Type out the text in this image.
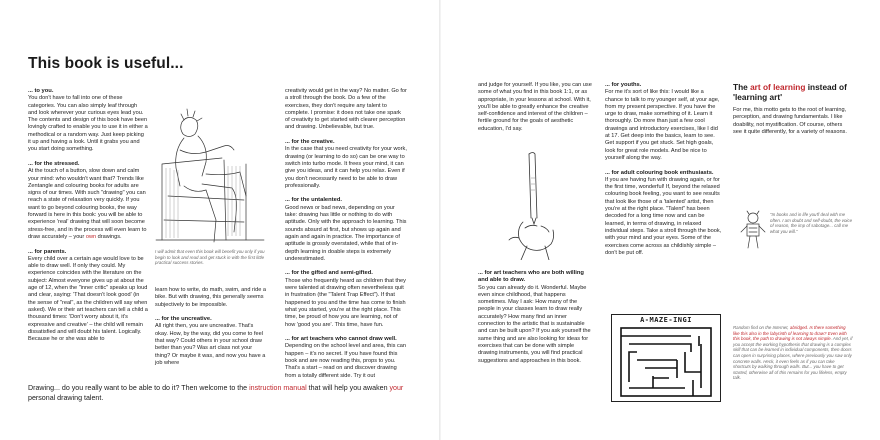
This book is useful...
... to you.

You don't have to fall into one of these categories. You can also simply leaf through and look wherever your curious eyes lead you. The contents and design of this book have been lovingly crafted to enable you to use it in either a methodical or a random way. Just keep picking it up and having a look. Until it grabs you and you start doing something.

... for the stressed.

At the touch of a button, slow down and calm your mind: who wouldn't want that? Trends like Zentangle and colouring books for adults are signs of our times. With such "drawing" you can reach a state of relaxation very quickly. If you want to go beyond colouring books, the way forward is here in this book: you will be able to experience 'real' drawing that will soon become stress-free, and in the process will even learn to draw accurately – your own drawings.

... for parents.

Every child over a certain age would love to be able to draw well. If only they could. My experience coincides with the literature on the subject: Almost everyone gives up at about the age of 12, when the "inner critic" speaks up loud and clear, saying: 'That doesn't look good' (in the sense of "real", as the children will say when asked). We or their art teachers can tell a child a thousand times: 'Don't worry about it, it's expressive and creative' – the child will remain dissatisfied and will doubt his talent. Logically. Because he or she was able to

I will admit that even this book will benefit you only if you begin to look and read and get stuck in with the first little practical success stories.

learn how to write, do math, swim, and ride a bike. But with drawing, this generally seems subjectively to be impossible.

... for the uncreative.

All right then, you are uncreative. That's okay. How, by the way, did you come to feel that way? Could others in your school draw better than you? Was art class not your thing? Or maybe it was, and now you have a job where

creativity would get in the way? No matter. Go for a stroll through the book. Do a few of the exercises, they don't require any talent to complete. I promise: it does not take one spark of creativity to get started with clearer perception and drawing. Unbelievable, but true.

... for the creative.

In the case that you need creativity for your work, drawing (or learning to do so) can be one way to switch into turbo mode. It frees your mind, it can give you ideas, and it can help you relax. Even if you don't necessarily need to be able to draw professionally.

... for the untalented.

Good news or bad news, depending on your take: drawing has little or nothing to do with aptitude. Only with the approach to learning. This sounds absurd at first, but shows up again and again and again in practice. The importance of aptitude is grossly overstated, while that of in-depth learning in doable steps is extremely underestimated.

... for the gifted and semi-gifted.

Those who frequently heard as children that they were talented at drawing often nevertheless quit in frustration (the "Talent Trap Effect"). If that happened to you and the time has come to finish what you started, you're at the right place. This time, be proud of how you are learning, not of how 'good you are'. This time, have fun.

... for art teachers who cannot draw well.

Depending on the school level and area, this can happen – it's no secret. If you have found this book and are now reading this, props to you. That's a start – read on and discover drawing from a totally different side. Try it out

Drawing... do you really want to be able to do it? Then welcome to the instruction manual that will help you awaken your personal drawing talent.

and judge for yourself. If you like, you can use some of what you find in this book 1:1, or as appropriate, in your lessons at school. With it, you'll be able to greatly enhance the creative self-confidence and interest of the children – fertile ground for the goals of aesthetic education, I'd say.

... for art teachers who are both willing and able to draw.

So you can already do it. Wonderful. Maybe even since childhood, that happens sometimes. May I ask: How many of the people in your classes learn to draw really accurately? How many find an inner connection to the artistic that is sustainable and can be built upon? If you ask yourself the same thing and are also looking for ideas for exercises that can be done with simple drawing instruments, you will find practical suggestions and approaches in this book.

... for youths.

For me it's sort of like this: I would like a chance to talk to my younger self, at your age, from my present perspective. If you have the urge to draw, make something of it. Learn it thoroughly. Do more than just a few cool drawings and introductory exercises, like I did at 17. Get deep into the basics, learn to see. Get support if you get stuck. Set high goals, look for great role models. And be nice to yourself along the way.

... for adult colouring book enthusiasts.

If you are having fun with drawing again, or for the first time, wonderful! If, beyond the relaxed colouring book feeling, you want to see results that look like those of a 'talented' artist, then you're at the right place. "Talent" has been decoded for a long time now and can be learned, in terms of drawing, in relaxed individual steps. Take a stroll through the book, with your mind and your eyes. Some of the exercises come across as childishly simple – don't be put off.

The art of learning instead of 'learning art'

For me, this motto gets to the root of learning, perception, and drawing fundamentals. I like doability, not mystification. Of course, others see it quite differently, for a variety of reasons.

"In books and in life you'll deal with me often. I am doubt and self-doubt, the voice of reason, the imp of sabotage... call me what you will."
A-MAZE-INGI
Random find on the Internet, abridged. Is there something like this also in the labyrinth of learning to draw? Even with this book, the path to drawing is not always simple. And yet, if you accept the working hypothesis that drawing is a complex skill that can be learned in individual components, then doors can open in surprising places, where previously you saw only concrete walls. Heck, it even feels as if you can take shortcuts by walking through walls. But... you have to get started, otherwise all of this remains for you lifeless, empty talk.
